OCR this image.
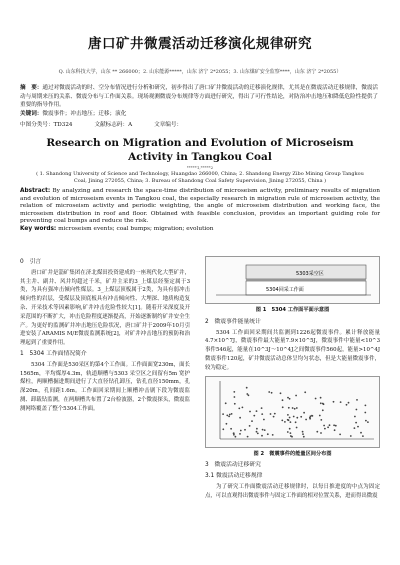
唐口矿井微震活动迁移演化规律研究
Q. 山东科技大学，山东 ** 266000；2. 山东能源*****，山东 济宁 2*2055；3. 山东煤矿安全监察****，山东 济宁 2*2055）
摘　要：通过对微震活动的时、空分布情况进行分析和研究，初步得出了唐口矿井微震活动的迁移演化规律，尤其是在微震活动迁移规律，微震活动与周期来压的关系、微震分布与工作面关系。现场观测微震分布规律等方面进行研究，得出了可行性结论，对防治冲击地压和降低危险性提供了重要的指导作用。
关键词：微震事件；冲击地压；迁移；演化
中图分类号：TD324	文献标志码：A	文章编号：
Research on Migration and Evolution of Microseism Activity in Tangkou Coal
*****1,*****2
( 1. Shandong University of Science and Technology, Huangdao 266000, China; 2. Shandong Energy Zibo Mining Group Tangkou Coal, Jining 272055, China; 3. Bureau of Shandong Coal Safety Supervision, Jining 272055, China )
Abstract: By analyzing and research the space-time distribution of microseism activity, preliminary results of migration and evolution of microseism events in Tangkou coal, the especially research in migration rule of microseism activity, the relation of microseism activity and periodic weighting, the angle of microseism distribution and working face, the microseism distribution in roof and floor. Obtained with feasible conclusion, provides an important guiding role for preventing coal bumps and reduce the risk.
Key words: microseism events; coal bumps; migration; evolution
0　引言

唐口矿井是淄矿集团在济北煤田投资建成的一座现代化大型矿井，其主井、副井、风井均超过千米，矿井主采的3_上煤层经鉴定属于3类，为具有强冲击倾向性煤层。3_上煤层顶板属于2类，为具有弱冲击倾向性的岩层，受煤层及顶底板具有冲击倾向性、大埋深、地质构造复杂、开采技术等因素影响,矿井冲击危险性较大[1]。随着开采深度及开采范围的不断扩大，冲击危险程度逐渐提高，开始逐渐制约矿井安全生产。为更好的监测矿井冲击地压危险状况，唐口矿井于2009年10月引进安装了ARAMIS M/E微震监测系统[2]，对矿井冲击地压的预防和治理起到了重要作用。

1　5304 工作面情况简介

5304 工作面是530采区的第4个工作面。工作面面宽230m，面长1565m，平均煤厚4.3m，轨道顺槽与5303 采空区之间留有5m 宽护煤柱，两顺槽掘进期间进行了大直径钻孔卸压，钻孔直径150mm，孔深20m，孔间距1.6m。工作面回采期间上顺槽冲击剧下段为微震监测、卸载钻监测，在两顺槽共布置了2台检波器，2个微震探头，微震监测网络覆盖了整个5304工作面。

5303采空区
5304回采工作面
图 1　5304 工作面平面示意图
2　微震事件能量统计

5304 工作面回采期间共监测到1226起微震事件。累计释放能量4.7×10^7J，微震事件最大能量7.9×10^5J，微震事件中能量<10^3事件546起，能量在10^3J～10^4J之间微震事件560起，能量>10^4J微震事件120起，矿井微震活动总体呈均匀状态，但是大能量微震事件，较为稳定。

图 2　微震事件的能量区间分布图
3　微震活动迁移研究
3.1 微震活动迁移规律

为了研究工作面微震活动迁移规律时，以每日推进度的中点为固定点，可以直观得出微震事件与固定工作面的相对位置关系，进而得出微震
